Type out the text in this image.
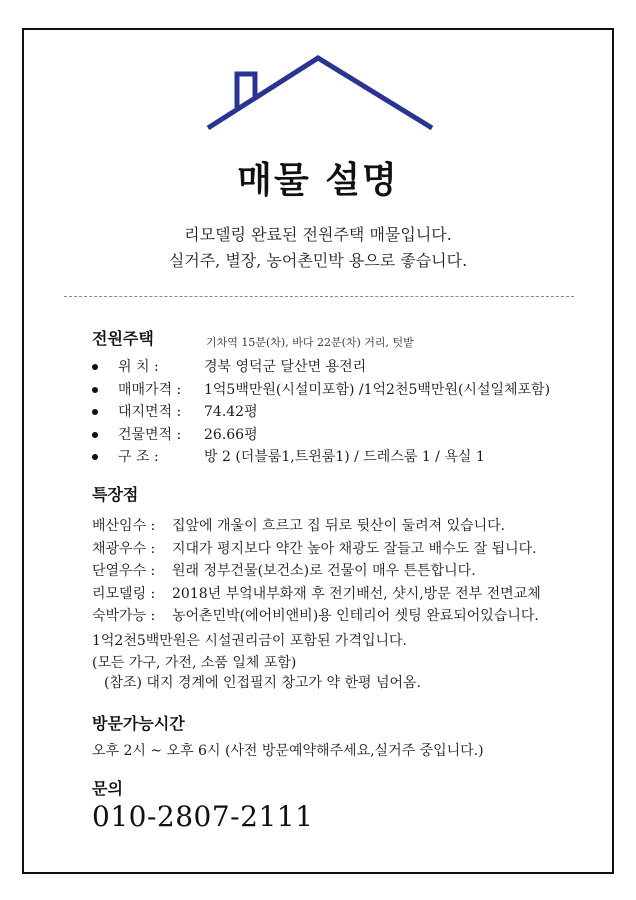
매물 설명
리모델링 완료된 전원주택 매물입니다.
실거주, 별장, 농어촌민박 용으로 좋습니다.
전원주택	기차역 15분(차), 바다 22분(차) 거리, 텃밭
위 치 :	경북 영덕군 달산면 용전리
매매가격 :	1억5백만원(시설미포함) /1억2천5백만원(시설일체포함)
대지면적 :	74.42평
건물면적 :	26.66평
구 조 :	방 2 (더블룸1,트윈룸1) / 드레스룸 1 / 욕실 1
특장점
배산임수 : 집앞에 개울이 흐르고 집 뒤로 뒷산이 둘려져 있습니다.
채광우수 : 지대가 평지보다 약간 높아 채광도 잘들고 배수도 잘 됩니다.
단열우수 : 원래 정부건물(보건소)로 건물이 매우 튼튼합니다.
리모델링 : 2018년 부엌내부화재 후 전기배선, 샷시,방문 전부 전면교체
숙박가능 : 농어촌민박(에어비앤비)용 인테리어 셋팅 완료되어있습니다.
1억2천5백만원은 시설권리금이 포함된 가격입니다.
(모든 가구, 가전, 소품 일체 포함)
(참조) 대지 경계에 인접필지 창고가 약 한평 넘어옴.
방문가능시간
오후 2시 ~ 오후 6시 (사전 방문예약해주세요,실거주 중입니다.)
문의
010-2807-2111
